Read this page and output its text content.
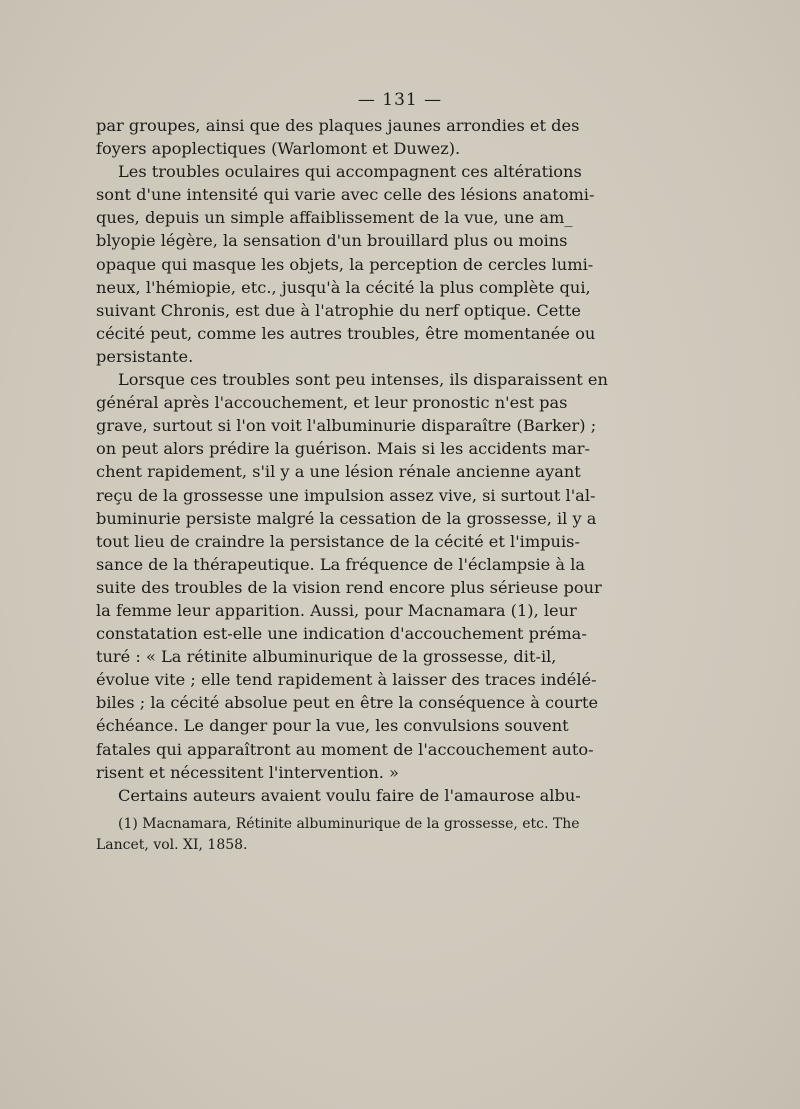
— 131 —
par groupes, ainsi que des plaques jaunes arrondies et des
foyers apoplectiques (Warlomont et Duwez).
Les troubles oculaires qui accompagnent ces altérations
sont d'une intensité qui varie avec celle des lésions anatomi-
ques, depuis un simple affaiblissement de la vue, une am_
blyopie légère, la sensation d'un brouillard plus ou moins
opaque qui masque les objets, la perception de cercles lumi-
neux, l'hémiopie, etc., jusqu'à la cécité la plus complète qui,
suivant Chronis, est due à l'atrophie du nerf optique. Cette
cécité peut, comme les autres troubles, être momentanée ou
persistante.
Lorsque ces troubles sont peu intenses, ils disparaissent en
général après l'accouchement, et leur pronostic n'est pas
grave, surtout si l'on voit l'albuminurie disparaître (Barker) ;
on peut alors prédire la guérison. Mais si les accidents mar-
chent rapidement, s'il y a une lésion rénale ancienne ayant
reçu de la grossesse une impulsion assez vive, si surtout l'al-
buminurie persiste malgré la cessation de la grossesse, il y a
tout lieu de craindre la persistance de la cécité et l'impuis-
sance de la thérapeutique. La fréquence de l'éclampsie à la
suite des troubles de la vision rend encore plus sérieuse pour
la femme leur apparition. Aussi, pour Macnamara (1), leur
constatation est-elle une indication d'accouchement préma-
turé : « La rétinite albuminurique de la grossesse, dit-il,
évolue vite ; elle tend rapidement à laisser des traces indélé-
biles ; la cécité absolue peut en être la conséquence à courte
échéance. Le danger pour la vue, les convulsions souvent
fatales qui apparaîtront au moment de l'accouchement auto-
risent et nécessitent l'intervention. »
Certains auteurs avaient voulu faire de l'amaurose albu-
(1) Macnamara, Rétinite albuminurique de la grossesse, etc. The
Lancet, vol. XI, 1858.
